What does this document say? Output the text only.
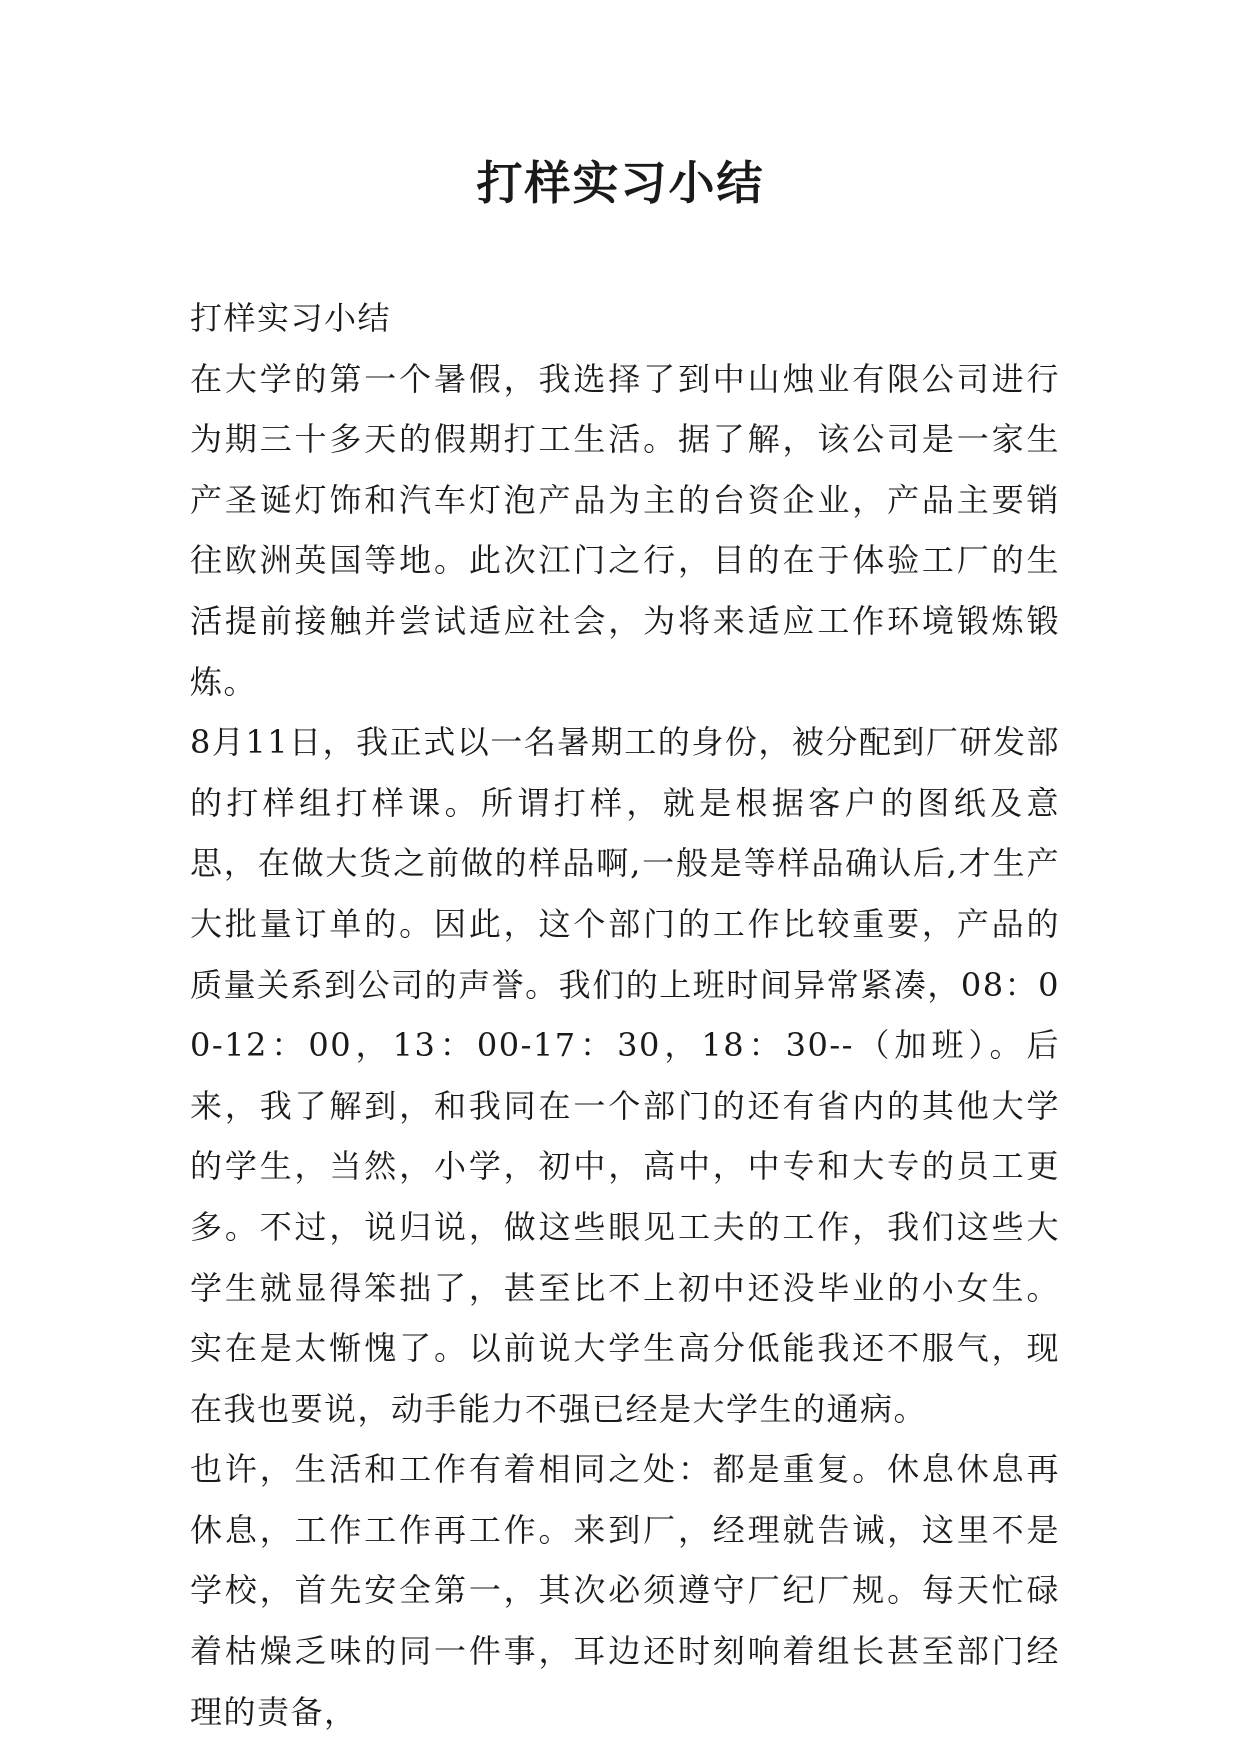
打样实习小结

打样实习小结

在大学的第一个暑假，我选择了到中山烛业有限公司进行为期三十多天的假期打工生活。据了解，该公司是一家生产圣诞灯饰和汽车灯泡产品为主的台资企业，产品主要销往欧洲英国等地。此次江门之行，目的在于体验工厂的生活提前接触并尝试适应社会，为将来适应工作环境锻炼锻炼。

8月11日，我正式以一名暑期工的身份，被分配到厂研发部的打样组打样课。所谓打样，就是根据客户的图纸及意思，在做大货之前做的样品啊,一般是等样品确认后,才生产大批量订单的。因此，这个部门的工作比较重要，产品的质量关系到公司的声誉。我们的上班时间异常紧凑，08：00-12：00，13：00-17：30，18：30--（加班）。后来，我了解到，和我同在一个部门的还有省内的其他大学的学生，当然，小学，初中，高中，中专和大专的员工更多。不过，说归说，做这些眼见工夫的工作，我们这些大学生就显得笨拙了，甚至比不上初中还没毕业的小女生。实在是太惭愧了。以前说大学生高分低能我还不服气，现在我也要说，动手能力不强已经是大学生的通病。

也许，生活和工作有着相同之处：都是重复。休息休息再休息，工作工作再工作。来到厂，经理就告诫，这里不是学校，首先安全第一，其次必须遵守厂纪厂规。每天忙碌着枯燥乏味的同一件事，耳边还时刻响着组长甚至部门经理的责备，
